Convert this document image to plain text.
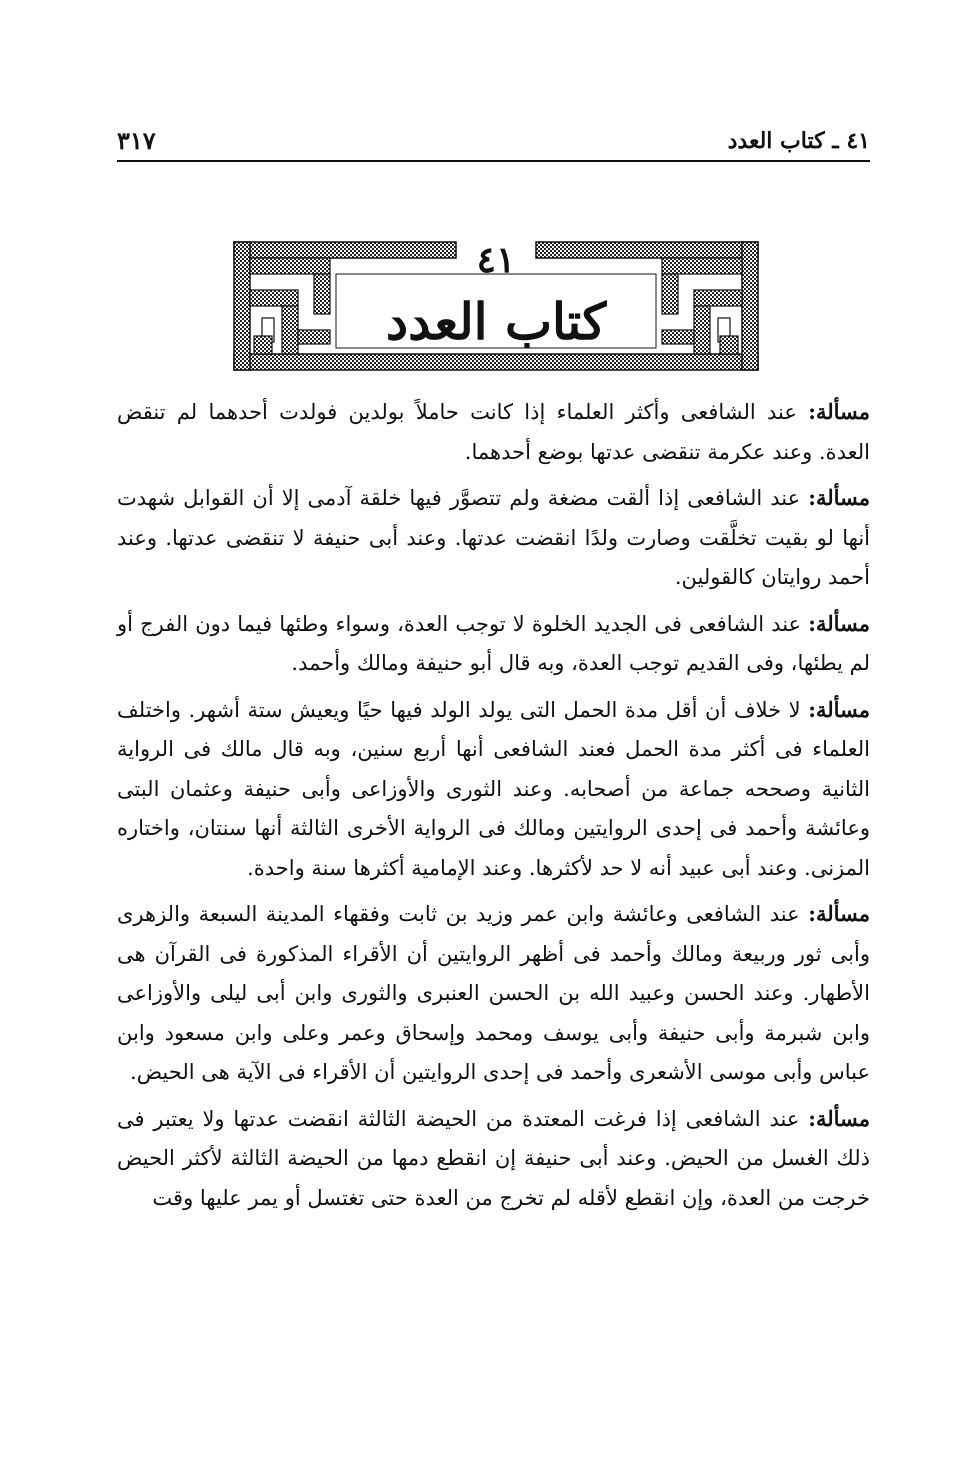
٤١ ـ كتاب العدد
٣١٧
٤١
كتاب العدد

مسألة: عند الشافعى وأكثر العلماء إذا كانت حاملاً بولدين فولدت أحدهما لم تنقض العدة. وعند عكرمة تنقضى عدتها بوضع أحدهما.

مسألة: عند الشافعى إذا ألقت مضغة ولم تتصوَّر فيها خلقة آدمى إلا أن القوابل شهدت أنها لو بقيت تخلَّقت وصارت ولدًا انقضت عدتها. وعند أبى حنيفة لا تنقضى عدتها. وعند أحمد روايتان كالقولين.

مسألة: عند الشافعى فى الجديد الخلوة لا توجب العدة، وسواء وطئها فيما دون الفرج أو لم يطئها، وفى القديم توجب العدة، وبه قال أبو حنيفة ومالك وأحمد.

مسألة: لا خلاف أن أقل مدة الحمل التى يولد الولد فيها حيًا ويعيش ستة أشهر. واختلف العلماء فى أكثر مدة الحمل فعند الشافعى أنها أربع سنين، وبه قال مالك فى الرواية الثانية وصححه جماعة من أصحابه. وعند الثورى والأوزاعى وأبى حنيفة وعثمان البتى وعائشة وأحمد فى إحدى الروايتين ومالك فى الرواية الأخرى الثالثة أنها سنتان، واختاره المزنى. وعند أبى عبيد أنه لا حد لأكثرها. وعند الإمامية أكثرها سنة واحدة.

مسألة: عند الشافعى وعائشة وابن عمر وزيد بن ثابت وفقهاء المدينة السبعة والزهرى وأبى ثور وربيعة ومالك وأحمد فى أظهر الروايتين أن الأقراء المذكورة فى القرآن هى الأطهار. وعند الحسن وعبيد الله بن الحسن العنبرى والثورى وابن أبى ليلى والأوزاعى وابن شبرمة وأبى حنيفة وأبى يوسف ومحمد وإسحاق وعمر وعلى وابن مسعود وابن عباس وأبى موسى الأشعرى وأحمد فى إحدى الروايتين أن الأقراء فى الآية هى الحيض.

مسألة: عند الشافعى إذا فرغت المعتدة من الحيضة الثالثة انقضت عدتها ولا يعتبر فى ذلك الغسل من الحيض. وعند أبى حنيفة إن انقطع دمها من الحيضة الثالثة لأكثر الحيض خرجت من العدة، وإن انقطع لأقله لم تخرج من العدة حتى تغتسل أو يمر عليها وقت
